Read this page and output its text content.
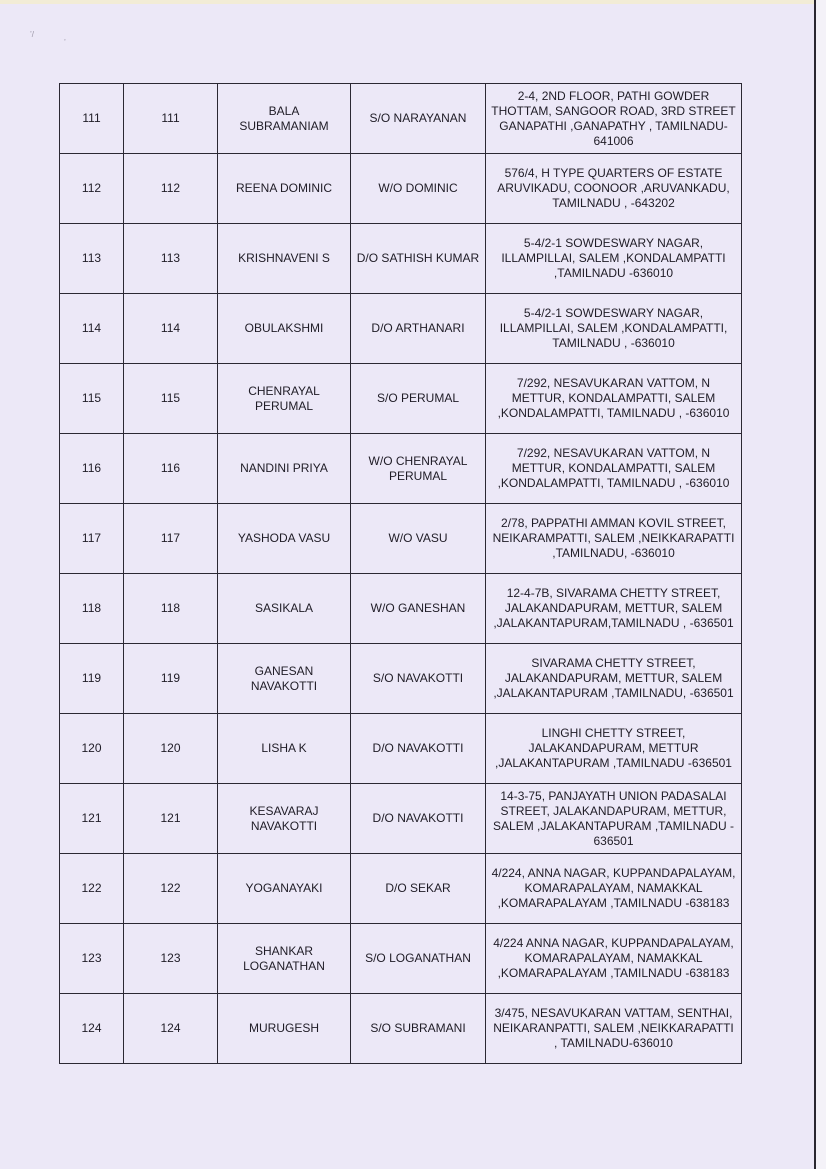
’/
’
111	111	BALA SUBRAMANIAM	S/O NARAYANAN	2-4, 2ND FLOOR, PATHI GOWDER THOTTAM, SANGOOR ROAD, 3RD STREET GANAPATHI ,GANAPATHY , TAMILNADU-641006
112	112	REENA DOMINIC	W/O DOMINIC	576/4, H TYPE QUARTERS OF ESTATE ARUVIKADU, COONOOR ,ARUVANKADU, TAMILNADU , -643202
113	113	KRISHNAVENI S	D/O SATHISH KUMAR	5-4/2-1 SOWDESWARY NAGAR, ILLAMPILLAI, SALEM ,KONDALAMPATTI ,TAMILNADU -636010
114	114	OBULAKSHMI	D/O ARTHANARI	5-4/2-1 SOWDESWARY NAGAR, ILLAMPILLAI, SALEM ,KONDALAMPATTI, TAMILNADU , -636010
115	115	CHENRAYAL PERUMAL	S/O PERUMAL	7/292, NESAVUKARAN VATTOM, N METTUR, KONDALAMPATTI, SALEM ,KONDALAMPATTI, TAMILNADU , -636010
116	116	NANDINI PRIYA	W/O CHENRAYAL PERUMAL	7/292, NESAVUKARAN VATTOM, N METTUR, KONDALAMPATTI, SALEM ,KONDALAMPATTI, TAMILNADU , -636010
117	117	YASHODA VASU	W/O VASU	2/78, PAPPATHI AMMAN KOVIL STREET, NEIKARAMPATTI, SALEM ,NEIKKARAPATTI ,TAMILNADU, -636010
118	118	SASIKALA	W/O GANESHAN	12-4-7B, SIVARAMA CHETTY STREET, JALAKANDAPURAM, METTUR, SALEM ,JALAKANTAPURAM,TAMILNADU , -636501
119	119	GANESAN NAVAKOTTI	S/O NAVAKOTTI	SIVARAMA CHETTY STREET, JALAKANDAPURAM, METTUR, SALEM ,JALAKANTAPURAM ,TAMILNADU, -636501
120	120	LISHA K	D/O NAVAKOTTI	LINGHI CHETTY STREET, JALAKANDAPURAM, METTUR ,JALAKANTAPURAM ,TAMILNADU -636501
121	121	KESAVARAJ NAVAKOTTI	D/O NAVAKOTTI	14-3-75, PANJAYATH UNION PADASALAI STREET, JALAKANDAPURAM, METTUR, SALEM ,JALAKANTAPURAM ,TAMILNADU - 636501
122	122	YOGANAYAKI	D/O SEKAR	4/224, ANNA NAGAR, KUPPANDAPALAYAM, KOMARAPALAYAM, NAMAKKAL ,KOMARAPALAYAM ,TAMILNADU -638183
123	123	SHANKAR LOGANATHAN	S/O LOGANATHAN	4/224 ANNA NAGAR, KUPPANDAPALAYAM, KOMARAPALAYAM, NAMAKKAL ,KOMARAPALAYAM ,TAMILNADU -638183
124	124	MURUGESH	S/O SUBRAMANI	3/475, NESAVUKARAN VATTAM, SENTHAI, NEIKARANPATTI, SALEM ,NEIKKARAPATTI , TAMILNADU-636010
